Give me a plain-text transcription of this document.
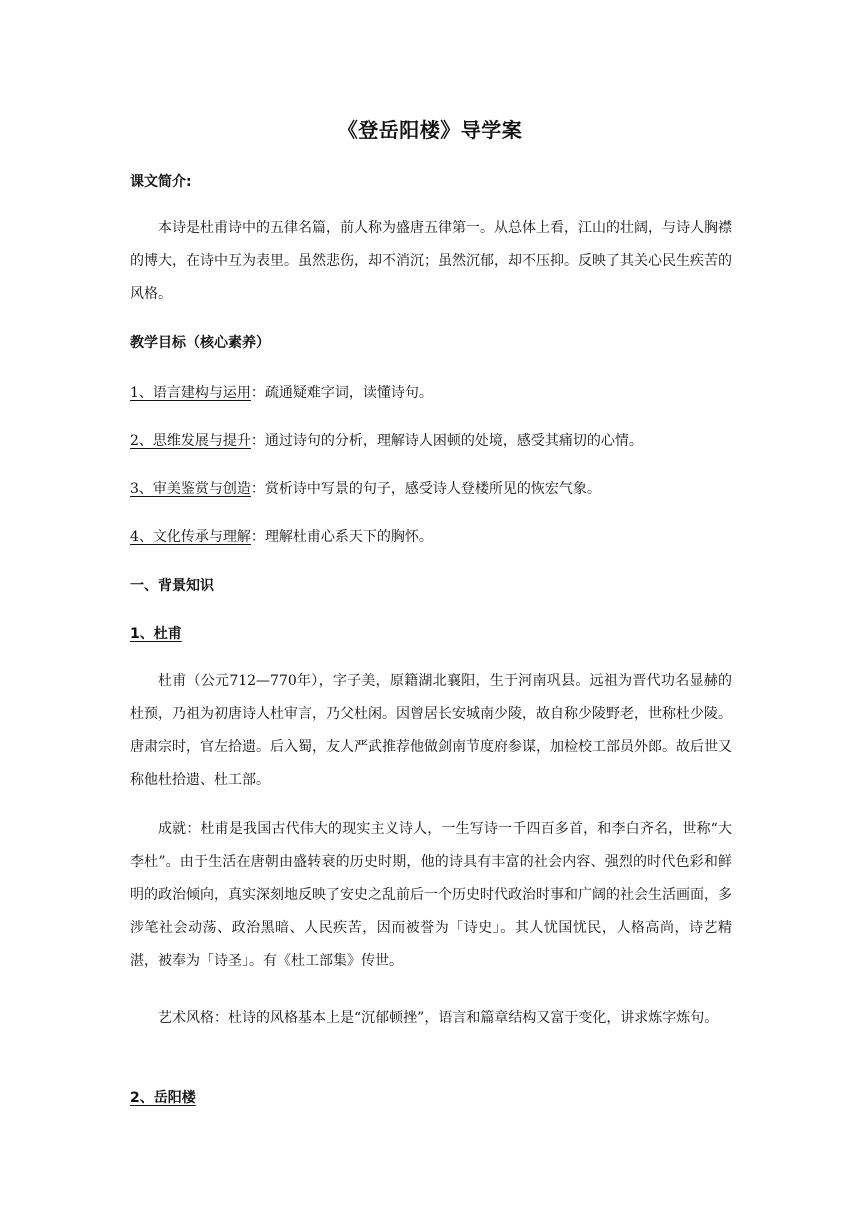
《登岳阳楼》导学案

课文简介:

本诗是杜甫诗中的五律名篇，前人称为盛唐五律第一。从总体上看，江山的壮阔，与诗人胸襟的博大，在诗中互为表里。虽然悲伤，却不消沉；虽然沉郁，却不压抑。反映了其关心民生疾苦的风格。

教学目标（核心素养）

1、语言建构与运用：疏通疑难字词，读懂诗句。

2、思维发展与提升：通过诗句的分析，理解诗人困顿的处境，感受其痛切的心情。

3、审美鉴赏与创造：赏析诗中写景的句子，感受诗人登楼所见的恢宏气象。

4、文化传承与理解：理解杜甫心系天下的胸怀。

一、背景知识

1、杜甫

杜甫（公元712—770年），字子美，原籍湖北襄阳，生于河南巩县。远祖为晋代功名显赫的杜预，乃祖为初唐诗人杜审言，乃父杜闲。因曾居长安城南少陵，故自称少陵野老，世称杜少陵。唐肃宗时，官左拾遗。后入蜀，友人严武推荐他做剑南节度府参谋，加检校工部员外郎。故后世又称他杜拾遗、杜工部。

成就：杜甫是我国古代伟大的现实主义诗人，一生写诗一千四百多首，和李白齐名，世称“大李杜”。由于生活在唐朝由盛转衰的历史时期，他的诗具有丰富的社会内容、强烈的时代色彩和鲜明的政治倾向，真实深刻地反映了安史之乱前后一个历史时代政治时事和广阔的社会生活画面，多涉笔社会动荡、政治黑暗、人民疾苦，因而被誉为「诗史」。其人忧国忧民，人格高尚，诗艺精湛，被奉为「诗圣」。有《杜工部集》传世。

艺术风格：杜诗的风格基本上是“沉郁顿挫”，语言和篇章结构又富于变化，讲求炼字炼句。

2、岳阳楼
